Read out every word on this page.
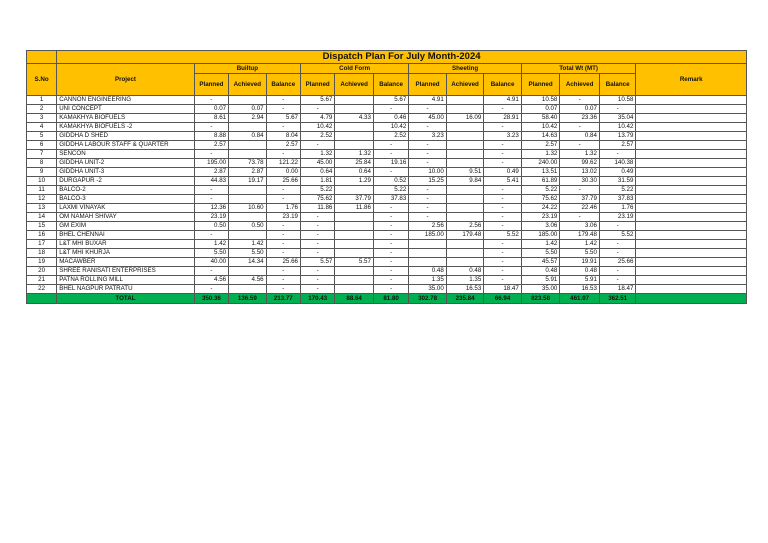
	Dispatch Plan For July Month-2024													
S.No	Project	Builtup			Cold Form			Sheeting			Total Wt (MT)			Remark
		Planned	Achieved	Balance	Planned	Achieved	Balance	Planned	Achieved	Balance	Planned	Achieved	Balance	
1	CANNON ENGINEERING	-		-	5.67		5.67	4.91		4.91	10.58	-	10.58	
2	UNI CONCEPT	0.07	0.07	-	-		-	-		-	0.07	0.07	-	
3	KAMAKHYA BIOFUELS	8.61	2.94	5.67	4.79	4.33	0.46	45.00	16.09	28.91	58.40	23.36	35.04	
4	KAMAKHYA BIOFUELS -2	-		-	10.42		10.42	-		-	10.42	-	10.42	
5	GIDDHA D SHED	8.88	0.84	8.04	2.52		2.52	3.23		3.23	14.63	0.84	13.79	
6	GIDDHA LABOUR STAFF & QUARTER	2.57		2.57	-		-	-		-	2.57	-	2.57	
7	SENCON	-		-	1.32	1.32	-	-		-	1.32	1.32	-	
8	GIDDHA UNIT-2	195.00	73.78	121.22	45.00	25.84	19.16	-		-	240.00	99.62	140.38	
9	GIDDHA UNIT-3	2.87	2.87	0.00	0.64	0.64	-	10.00	9.51	0.49	13.51	13.02	0.49	
10	DURGAPUR -2	44.83	19.17	25.66	1.81	1.29	0.52	15.25	9.84	5.41	61.89	30.30	31.59	
11	BALCO-2	-		-	5.22		5.22	-		-	5.22	-	5.22	
12	BALCO-3	-		-	75.62	37.79	37.83	-		-	75.62	37.79	37.83	
13	LAXMI VINAYAK	12.36	10.60	1.76	11.86	11.86	-	-		-	24.22	22.46	1.76	
14	OM NAMAH SHIVAY	23.19		23.19	-		-	-		-	23.19	-	23.19	
15	GM EXIM	0.50	0.50	-	-		-	2.56	2.56	-	3.06	3.06	-	
16	BHEL CHENNAI	-		-	-		-	185.00	179.48	5.52	185.00	179.48	5.52	
17	L&T MHI BUXAR	1.42	1.42	-	-		-			-	1.42	1.42	-	
18	L&T MHI KHURJA	5.50	5.50	-	-		-			-	5.50	5.50	-	
19	MACAWBER	40.00	14.34	25.66	5.57	5.57	-			-	45.57	19.91	25.66	
20	SHREE RANISATI ENTERPRISES	-		-	-		-	0.48	0.48	-	0.48	0.48	-	
21	PATNA ROLLING MILL	4.56	4.56	-	-		-	1.35	1.35	-	5.91	5.91	-	
22	BHEL NAGPUR PATRATU	-		-	-		-	35.00	16.53	18.47	35.00	16.53	18.47	
	TOTAL	350.36	136.59	213.77	170.43	88.64	81.80	302.78	235.84	66.94	823.58	461.07	362.51	
